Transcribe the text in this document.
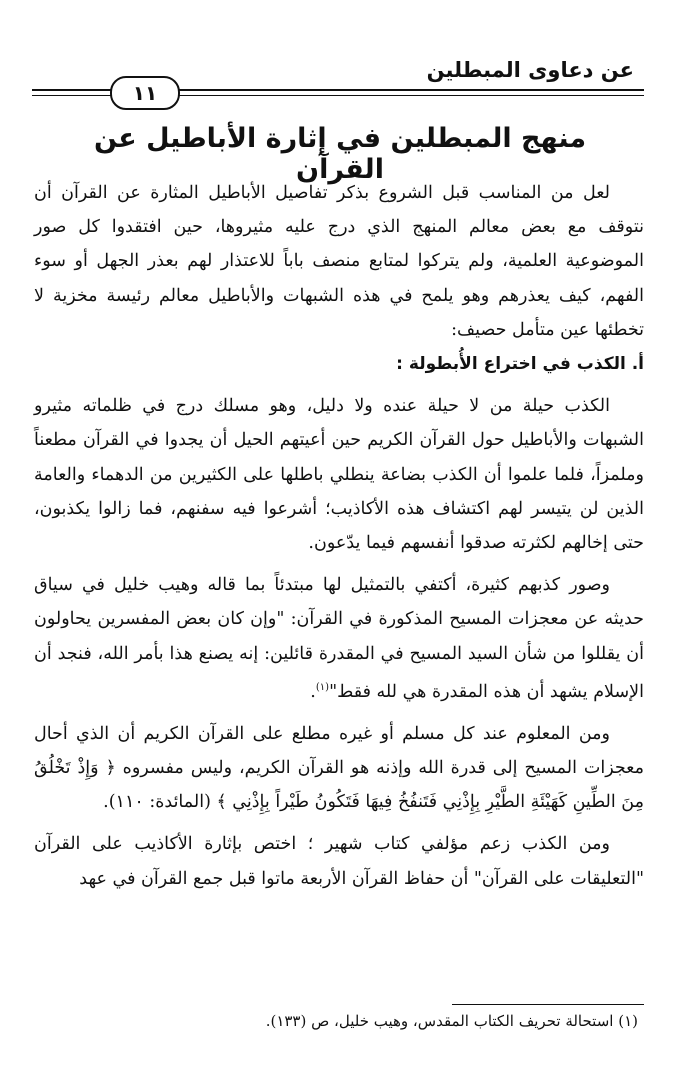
عن دعاوى المبطلين
١١
منهج المبطلين في إثارة الأباطيل عن القرآن

لعل من المناسب قبل الشروع بذكر تفاصيل الأباطيل المثارة عن القرآن أن نتوقف مع بعض معالم المنهج الذي درج عليه مثيروها، حين افتقدوا كل صور الموضوعية العلمية، ولم يتركوا لمتابع منصف باباً للاعتذار لهم بعذر الجهل أو سوء الفهم، كيف يعذرهم وهو يلمح في هذه الشبهات والأباطيل معالم رئيسة مخزية لا تخطئها عين متأمل حصيف:

أ. الكذب في اختراع الأُبطولة :

الكذب حيلة من لا حيلة عنده ولا دليل، وهو مسلك درج في ظلماته مثيرو الشبهات والأباطيل حول القرآن الكريم حين أعيتهم الحيل أن يجدوا في القرآن مطعناً وملمزاً، فلما علموا أن الكذب بضاعة ينطلي باطلها على الكثيرين من الدهماء والعامة الذين لن يتيسر لهم اكتشاف هذه الأكاذيب؛ أشرعوا فيه سفنهم، فما زالوا يكذبون، حتى إخالهم لكثرته صدقوا أنفسهم فيما يدّعون.

وصور كذبهم كثيرة، أكتفي بالتمثيل لها مبتدئاً بما قاله وهيب خليل في سياق حديثه عن معجزات المسيح المذكورة في القرآن: "وإن كان بعض المفسرين يحاولون أن يقللوا من شأن السيد المسيح في المقدرة قائلين: إنه يصنع هذا بأمر الله، فنجد أن الإسلام يشهد أن هذه المقدرة هي لله فقط"$^{(١)}$.

ومن المعلوم عند كل مسلم أو غيره مطلع على القرآن الكريم أن الذي أحال معجزات المسيح إلى قدرة الله وإذنه هو القرآن الكريم، وليس مفسروه ﴿ وَإِذْ تَخْلُقُ مِنَ الطِّينِ كَهَيْئَةِ الطَّيْرِ بِإِذْنِي فَتَنفُخُ فِيهَا فَتَكُونُ طَيْراً بِإِذْنِي ﴾ (المائدة: ١١٠).

ومن الكذب زعم مؤلفي كتاب شهير ؛ اختص بإثارة الأكاذيب على القرآن "التعليقات على القرآن" أن حفاظ القرآن الأربعة ماتوا قبل جمع القرآن في عهد

(١) استحالة تحريف الكتاب المقدس، وهيب خليل، ص (١٣٣).
